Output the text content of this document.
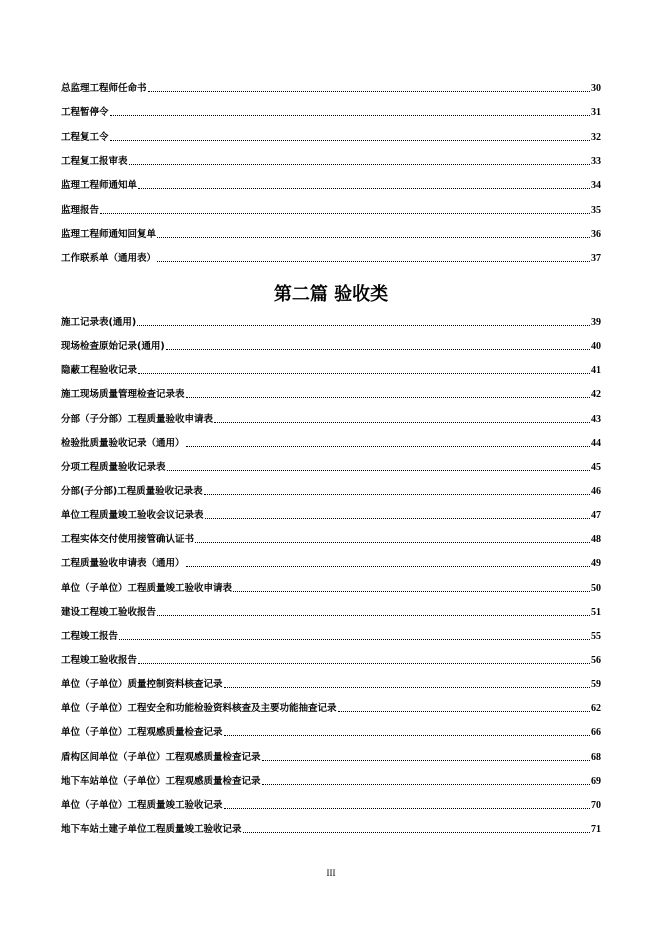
总监理工程师任命书	30
工程暂停令	31
工程复工令	32
工程复工报审表	33
监理工程师通知单	34
监理报告	35
监理工程师通知回复单	36
工作联系单（通用表）	37
第二篇 验收类
施工记录表(通用)	39
现场检查原始记录(通用)	40
隐蔽工程验收记录	41
施工现场质量管理检查记录表	42
分部（子分部）工程质量验收申请表	43
检验批质量验收记录（通用）	44
分项工程质量验收记录表	45
分部(子分部)工程质量验收记录表	46
单位工程质量竣工验收会议记录表	47
工程实体交付使用接管确认证书	48
工程质量验收申请表（通用）	49
单位（子单位）工程质量竣工验收申请表	50
建设工程竣工验收报告	51
工程竣工报告	55
工程竣工验收报告	56
单位（子单位）质量控制资料核查记录	59
单位（子单位）工程安全和功能检验资料核查及主要功能抽查记录	62
单位（子单位）工程观感质量检查记录	66
盾构区间单位（子单位）工程观感质量检查记录	68
地下车站单位（子单位）工程观感质量检查记录	69
单位（子单位）工程质量竣工验收记录	70
地下车站土建子单位工程质量竣工验收记录	71
III
